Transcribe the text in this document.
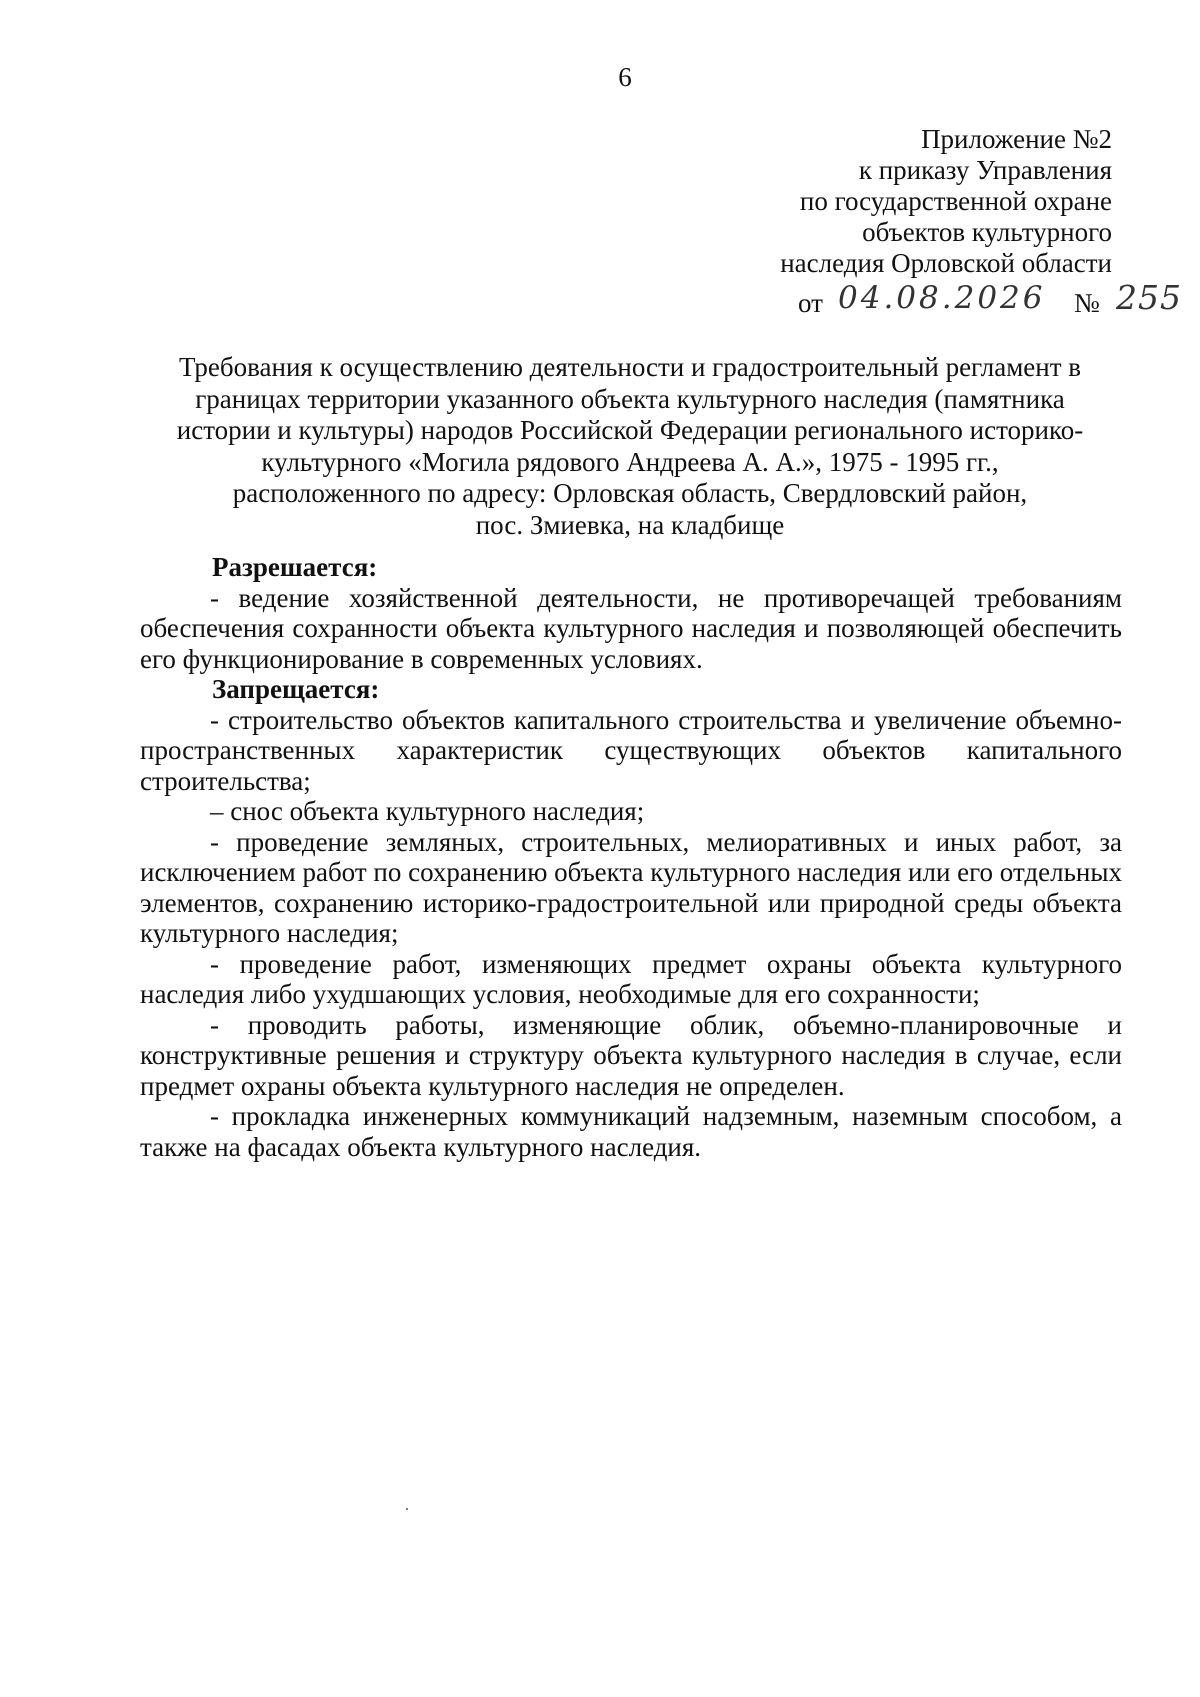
6
Приложение №2
к приказу Управления
по государственной охране
объектов культурного
наследия Орловской области
от 04.08.2026 № 255
Требования к осуществлению деятельности и градостроительный регламент в
границах территории указанного объекта культурного наследия (памятника
истории и культуры) народов Российской Федерации регионального историко-
культурного «Могила рядового Андреева А. А.», 1975 - 1995 гг.,
расположенного по адресу: Орловская область, Свердловский район,
пос. Змиевка, на кладбище
Разрешается:

- ведение хозяйственной деятельности, не противоречащей требованиям обеспечения сохранности объекта культурного наследия и позволяющей обеспечить его функционирование в современных условиях.

Запрещается:

- строительство объектов капитального строительства и увеличение объемно-пространственных характеристик существующих объектов капитального строительства;

– снос объекта культурного наследия;

- проведение земляных, строительных, мелиоративных и иных работ, за исключением работ по сохранению объекта культурного наследия или его отдельных элементов, сохранению историко-градостроительной или природной среды объекта культурного наследия;

- проведение работ, изменяющих предмет охраны объекта культурного наследия либо ухудшающих условия, необходимые для его сохранности;

- проводить работы, изменяющие облик, объемно-планировочные и конструктивные решения и структуру объекта культурного наследия в случае, если предмет охраны объекта культурного наследия не определен.

- прокладка инженерных коммуникаций надземным, наземным способом, а также на фасадах объекта культурного наследия.
